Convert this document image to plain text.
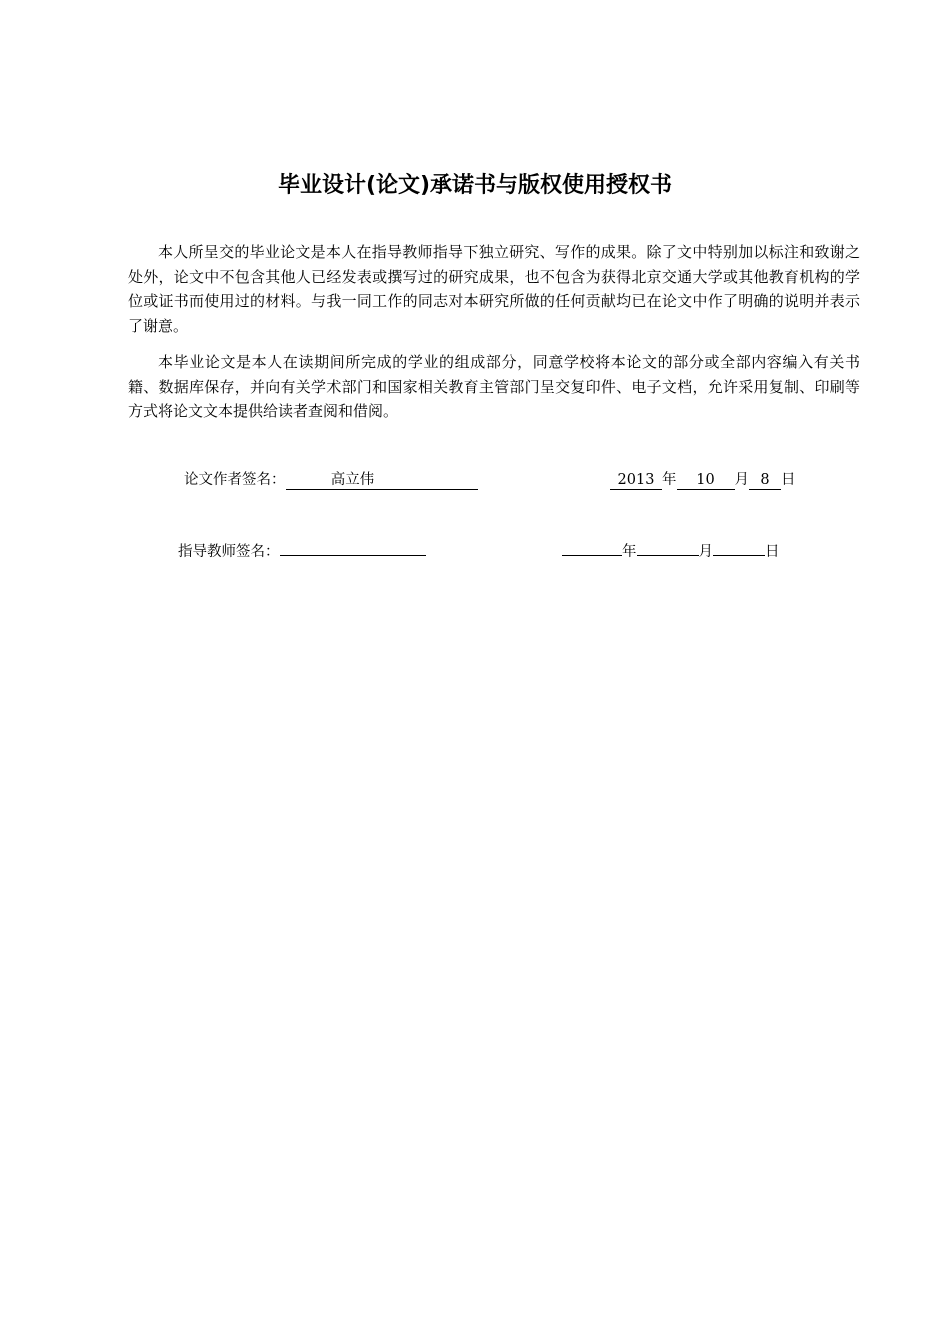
毕业设计(论文)承诺书与版权使用授权书

本人所呈交的毕业论文是本人在指导教师指导下独立研究、写作的成果。除了文中特别加以标注和致谢之处外，论文中不包含其他人已经发表或撰写过的研究成果，也不包含为获得北京交通大学或其他教育机构的学位或证书而使用过的材料。与我一同工作的同志对本研究所做的任何贡献均已在论文中作了明确的说明并表示了谢意。

本毕业论文是本人在读期间所完成的学业的组成部分，同意学校将本论文的部分或全部内容编入有关书籍、数据库保存，并向有关学术部门和国家相关教育主管部门呈交复印件、电子文档，允许采用复制、印刷等方式将论文文本提供给读者查阅和借阅。

论文作者签名：	高立伟	2013 年 10 月 8 日
指导教师签名：	年	月	日
